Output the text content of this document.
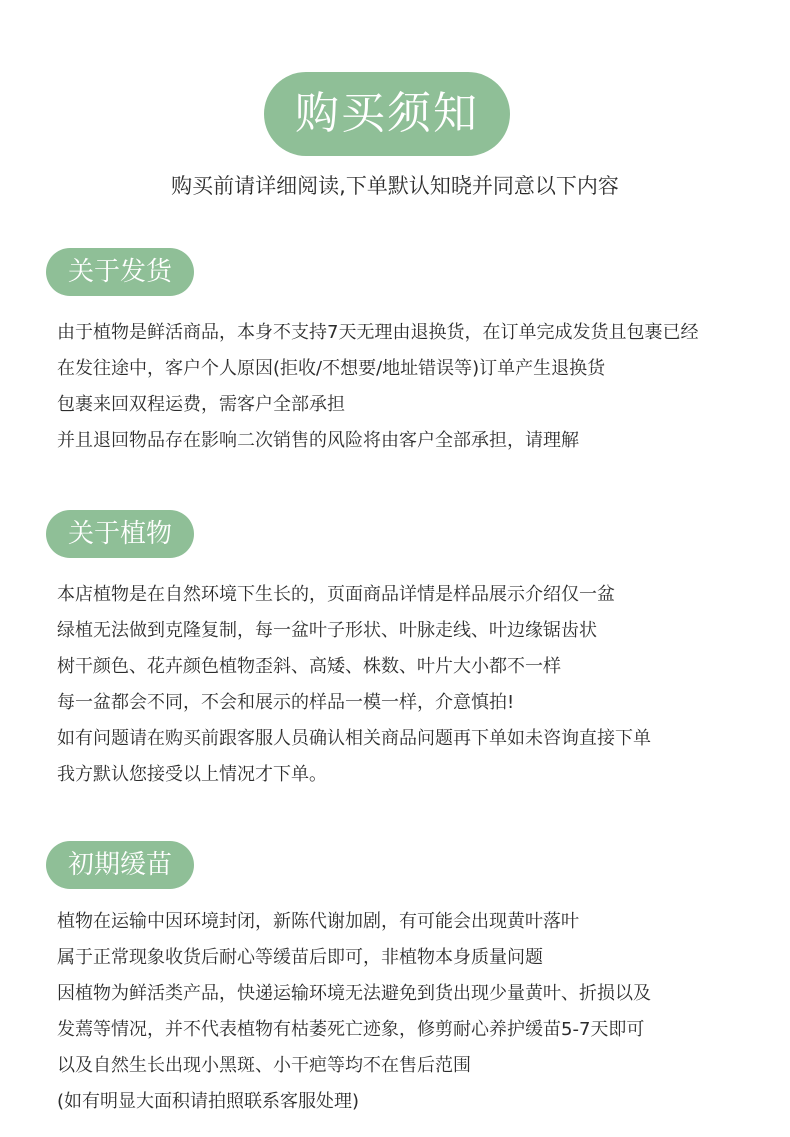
购买须知
购买前请详细阅读,下单默认知晓并同意以下内容
关于发货
由于植物是鲜活商品，本身不支持7天无理由退换货，在订单完成发货且包裹已经
在发往途中，客户个人原因(拒收/不想要/地址错误等)订单产生退换货
包裹来回双程运费，需客户全部承担
并且退回物品存在影响二次销售的风险将由客户全部承担，请理解
关于植物
本店植物是在自然环境下生长的，页面商品详情是样品展示介绍仅一盆
绿植无法做到克隆复制，每一盆叶子形状、叶脉走线、叶边缘锯齿状
树干颜色、花卉颜色植物歪斜、高矮、株数、叶片大小都不一样
每一盆都会不同，不会和展示的样品一模一样，介意慎拍!
如有问题请在购买前跟客服人员确认相关商品问题再下单如未咨询直接下单
我方默认您接受以上情况才下单。
初期缓苗
植物在运输中因环境封闭，新陈代谢加剧，有可能会出现黄叶落叶
属于正常现象收货后耐心等缓苗后即可，非植物本身质量问题
因植物为鲜活类产品，快递运输环境无法避免到货出现少量黄叶、折损以及
发蔫等情况，并不代表植物有枯萎死亡迹象，修剪耐心养护缓苗5-7天即可
以及自然生长出现小黑斑、小干疤等均不在售后范围
(如有明显大面积请拍照联系客服处理)
